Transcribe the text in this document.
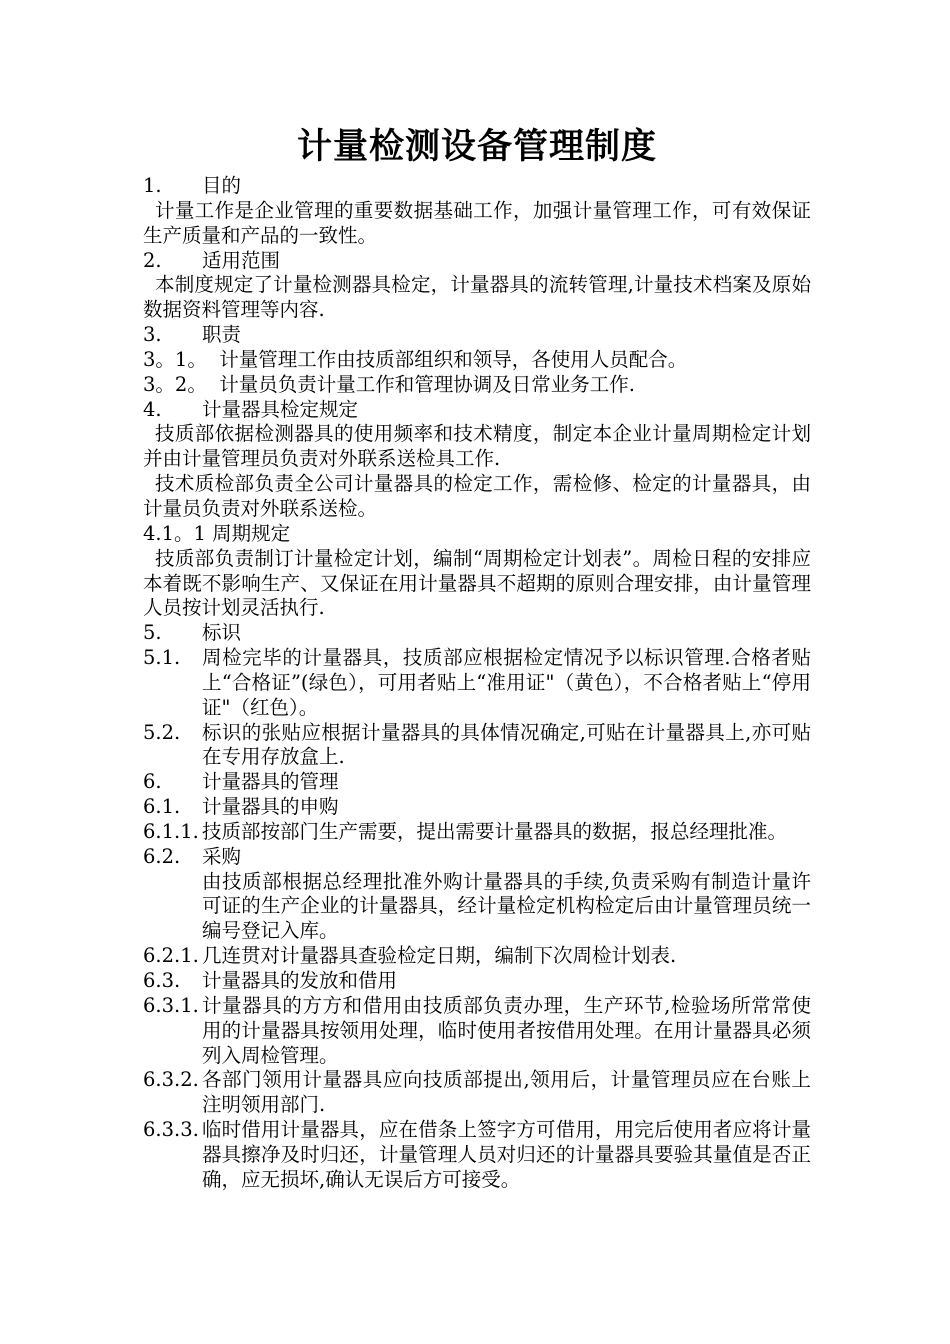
计量检测设备管理制度
1.	目的
计量工作是企业管理的重要数据基础工作，加强计量管理工作，可有效保证生产质量和产品的一致性。
2.	适用范围
本制度规定了计量检测器具检定，计量器具的流转管理,计量技术档案及原始数据资料管理等内容.
3.	职责
3。1。  计量管理工作由技质部组织和领导，各使用人员配合。
3。2。  计量员负责计量工作和管理协调及日常业务工作.
4.	计量器具检定规定
技质部依据检测器具的使用频率和技术精度，制定本企业计量周期检定计划并由计量管理员负责对外联系送检具工作.
技术质检部负责全公司计量器具的检定工作，需检修、检定的计量器具，由计量员负责对外联系送检。
4.1。1 周期规定
技质部负责制订计量检定计划，编制“周期检定计划表”。周检日程的安排应本着既不影响生产、又保证在用计量器具不超期的原则合理安排，由计量管理人员按计划灵活执行.
5.	标识
5.1.	周检完毕的计量器具，技质部应根据检定情况予以标识管理.合格者贴上“合格证”(绿色），可用者贴上“准用证"（黄色），不合格者贴上“停用证"（红色）。
5.2.	标识的张贴应根据计量器具的具体情况确定,可贴在计量器具上,亦可贴在专用存放盒上.
6.	计量器具的管理
6.1.	计量器具的申购
6.1.1. 技质部按部门生产需要，提出需要计量器具的数据，报总经理批准。
6.2.	采购
由技质部根据总经理批准外购计量器具的手续,负责采购有制造计量许可证的生产企业的计量器具，经计量检定机构检定后由计量管理员统一编号登记入库。
6.2.1. 几连贯对计量器具查验检定日期，编制下次周检计划表.
6.3.	计量器具的发放和借用
6.3.1. 计量器具的方方和借用由技质部负责办理，生产环节,检验场所常常使用的计量器具按领用处理，临时使用者按借用处理。在用计量器具必须列入周检管理。
6.3.2. 各部门领用计量器具应向技质部提出,领用后，计量管理员应在台账上注明领用部门.
6.3.3. 临时借用计量器具，应在借条上签字方可借用，用完后使用者应将计量器具擦净及时归还，计量管理人员对归还的计量器具要验其量值是否正确，应无损坏,确认无误后方可接受。
